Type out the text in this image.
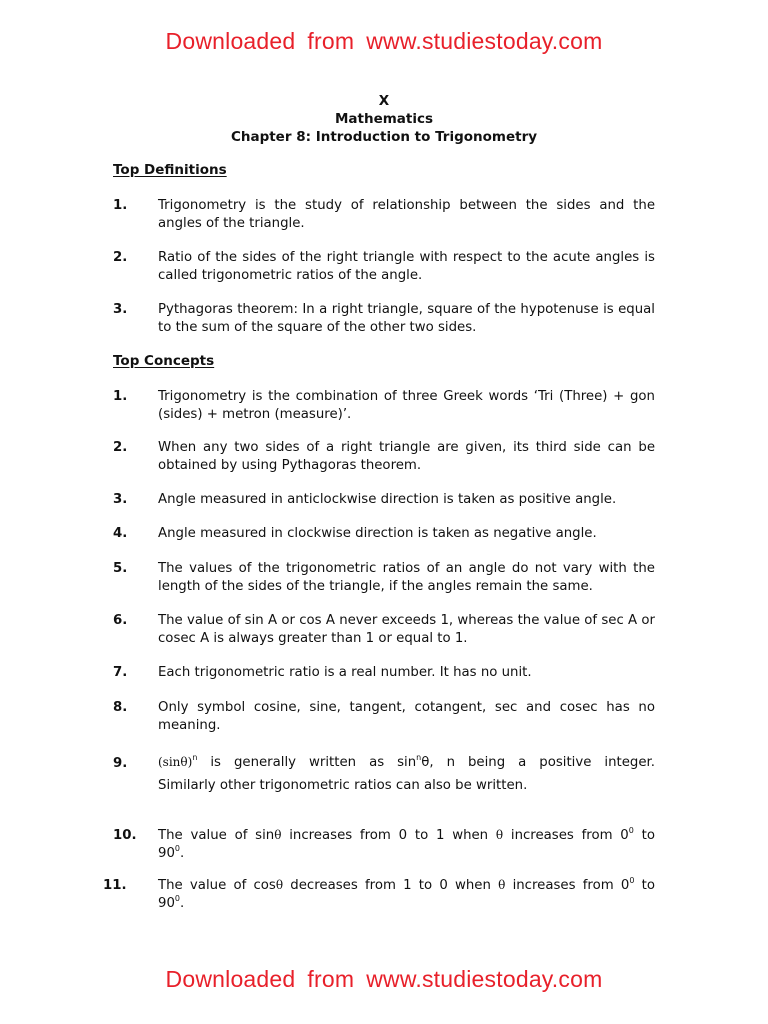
Downloaded from www.studiestoday.com
X
Mathematics
Chapter 8: Introduction to Trigonometry
Top Definitions
1. Trigonometry is the study of relationship between the sides and the angles of the triangle.
2. Ratio of the sides of the right triangle with respect to the acute angles is called trigonometric ratios of the angle.
3. Pythagoras theorem: In a right triangle, square of the hypotenuse is equal to the sum of the square of the other two sides.
Top Concepts
1. Trigonometry is the combination of three Greek words ‘Tri (Three) + gon (sides) + metron (measure)’.
2. When any two sides of a right triangle are given, its third side can be obtained by using Pythagoras theorem.
3. Angle measured in anticlockwise direction is taken as positive angle.
4. Angle measured in clockwise direction is taken as negative angle.
5. The values of the trigonometric ratios of an angle do not vary with the length of the sides of the triangle, if the angles remain the same.
6. The value of sin A or cos A never exceeds 1, whereas the value of sec A or cosec A is always greater than 1 or equal to 1.
7. Each trigonometric ratio is a real number. It has no unit.
8. Only symbol cosine, sine, tangent, cotangent, sec and cosec has no meaning.
9.	$(\sin\theta)^n$ is generally written as $\sin^n\theta$, n being a positive integer.
Similarly other trigonometric ratios can also be written.
10. The value of sinθ increases from 0 to 1 when θ increases from $0^0$ to
$90^0$.
11. The value of cosθ decreases from 1 to 0 when θ increases from $0^0$ to
$90^0$.
Downloaded from www.studiestoday.com
